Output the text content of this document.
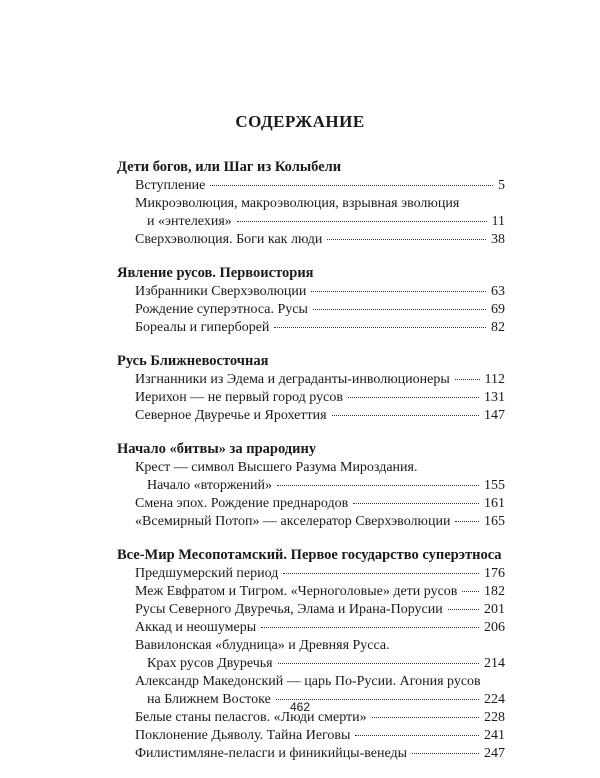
СОДЕРЖАНИЕ
Дети богов, или Шаг из Колыбели
Вступление	5
Микроэволюция, макроэволюция, взрывная эволюция
и «энтелехия»	11
Сверхэволюция. Боги как люди	38
Явление русов. Первоистория
Избранники Сверхэволюции	63
Рождение суперэтноса. Русы	69
Бореалы и гиперборей	82
Русь Ближневосточная
Изгнанники из Эдема и деграданты-инволюционеры 112
Иерихон — не первый город русов	131
Северное Двуречье и Ярохеттия	147
Начало «битвы» за прародину
Крест — символ Высшего Разума Мироздания.
Начало «вторжений»	155
Смена эпох. Рождение преднародов	161
«Всемирный Потоп» — акселератор Сверхэволюции 165
Все-Мир Месопотамский. Первое государство суперэтноса
Предшумерский период	176
Меж Евфратом и Тигром. «Черноголовые» дети русов 182
Русы Северного Двуречья, Элама и Ирана-Порусии	201
Аккад и неошумеры	206
Вавилонская «блудница» и Древняя Русса.
Крах русов Двуречья	214
Александр Македонский — царь По-Русии. Агония русов
на Ближнем Востоке	224
Белые станы пеласгов. «Люди смерти»	228
Поклонение Дьяволу. Тайна Иеговы	241
Филистимляне-пеласги и финикийцы-венеды	247
462
